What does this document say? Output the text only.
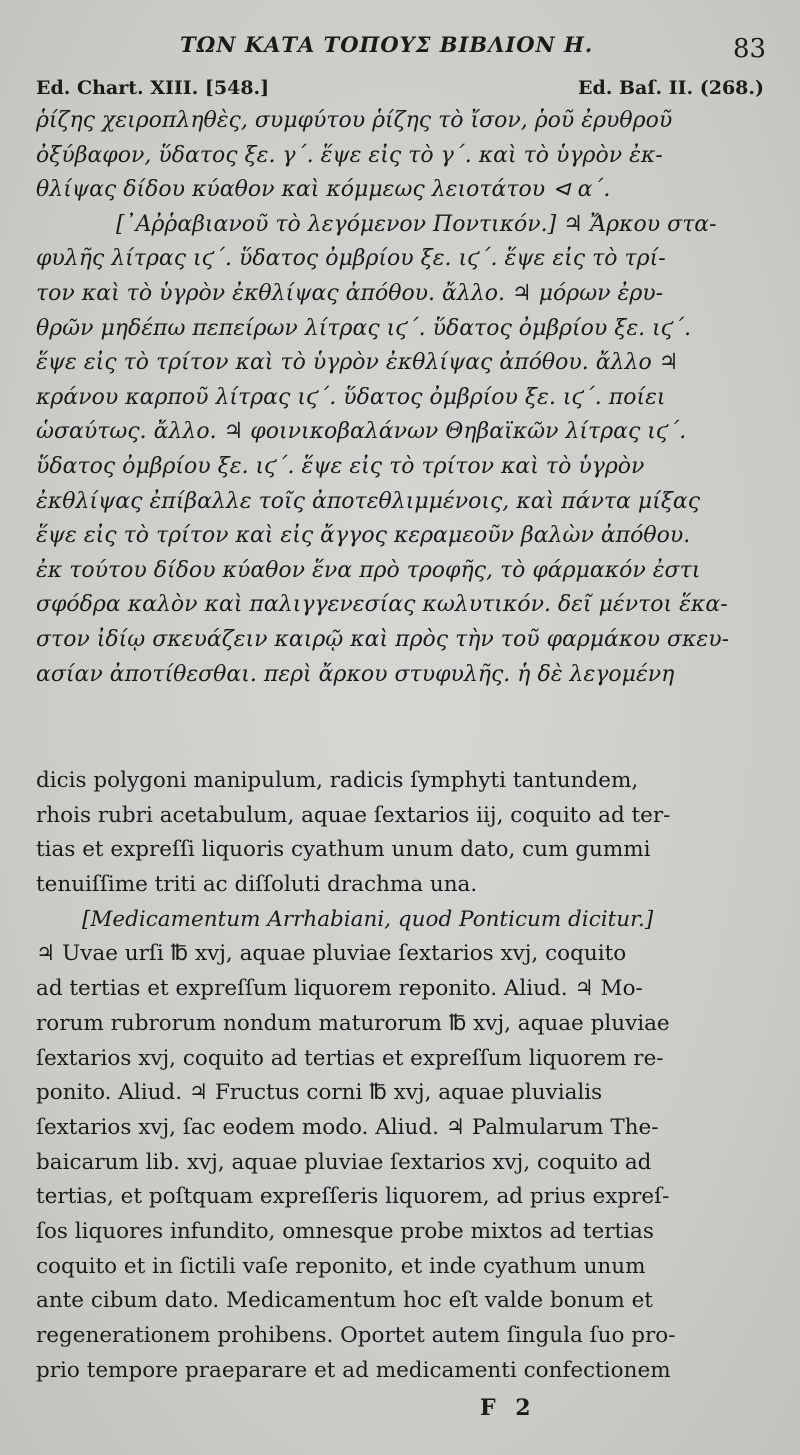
ΤΩΝ ΚΑΤΑ ΤΟΠΟΥΣ ΒΙΒΛΙΟΝ Η.	83
Ed. Chart. XIII. [548.]	Ed. Baſ. II. (268.)
ῥίζης χειροπληθὲς, συμφύτου ῥίζης τὸ ἴσον, ῥοῦ ἐρυθροῦ
ὀξύβαφον, ὕδατος ξε. γ΄. ἕψε εἰς τὸ γ΄. καὶ τὸ ὑγρὸν ἐκ-
θλίψας δίδου κύαθον καὶ κόμμεως λειοτάτου ⊲ α΄.
[᾿Αῤῥαβιανοῦ τὸ λεγόμενον Ποντικόν.] ♃ Ἄρκου στα-
φυλῆς λίτρας ιϛ΄. ὕδατος ὀμβρίου ξε. ιϛ΄. ἕψε εἰς τὸ τρί-
τον καὶ τὸ ὑγρὸν ἐκθλίψας ἀπόθου. ἄλλο. ♃ μόρων ἐρυ-
θρῶν μηδέπω πεπείρων λίτρας ιϛ΄. ὕδατος ὀμβρίου ξε. ιϛ΄.
ἕψε εἰς τὸ τρίτον καὶ τὸ ὑγρὸν ἐκθλίψας ἀπόθου. ἄλλο ♃
κράνου καρποῦ λίτρας ιϛ΄. ὕδατος ὀμβρίου ξε. ιϛ΄. ποίει
ὡσαύτως. ἄλλο. ♃ φοινικοβαλάνων Θηβαϊκῶν λίτρας ιϛ΄.
ὕδατος ὀμβρίου ξε. ιϛ΄. ἕψε εἰς τὸ τρίτον καὶ τὸ ὑγρὸν
ἐκθλίψας ἐπίβαλλε τοῖς ἀποτεθλιμμένοις, καὶ πάντα μίξας
ἕψε εἰς τὸ τρίτον καὶ εἰς ἄγγος κεραμεοῦν βαλὼν ἀπόθου.
ἐκ τούτου δίδου κύαθον ἕνα πρὸ τροφῆς, τὸ φάρμακόν ἐστι
σφόδρα καλὸν καὶ παλιγγενεσίας κωλυτικόν. δεῖ μέντοι ἕκα-
στον ἰδίῳ σκευάζειν καιρῷ καὶ πρὸς τὴν τοῦ φαρμάκου σκευ-
ασίαν ἀποτίθεσθαι. περὶ ἄρκου στυφυλῆς. ἡ δὲ λεγομένη
dicis polygoni manipulum, radicis ſymphyti tantundem,
rhois rubri acetabulum, aquae ſextarios iij, coquito ad ter-
tias et expreſſi liquoris cyathum unum dato, cum gummi
tenuiſſime triti ac diſſoluti drachma una.
[Medicamentum Arrhabiani, quod Ponticum dicitur.]
♃ Uvae urſi ℔ xvj, aquae pluviae ſextarios xvj, coquito
ad tertias et expreſſum liquorem reponito. Aliud. ♃ Mo-
rorum rubrorum nondum maturorum ℔ xvj, aquae pluviae
ſextarios xvj, coquito ad tertias et expreſſum liquorem re-
ponito. Aliud. ♃ Fructus corni ℔ xvj, aquae pluvialis
ſextarios xvj, ſac eodem modo. Aliud. ♃ Palmularum The-
baicarum lib. xvj, aquae pluviae ſextarios xvj, coquito ad
tertias, et poſtquam expreſſeris liquorem, ad prius expreſ-
ſos liquores infundito, omnesque probe mixtos ad tertias
coquito et in ſictili vaſe reponito, et inde cyathum unum
ante cibum dato. Medicamentum hoc eſt valde bonum et
regenerationem prohibens. Oportet autem ſingula ſuo pro-
prio tempore praeparare et ad medicamenti confectionem
F 2
